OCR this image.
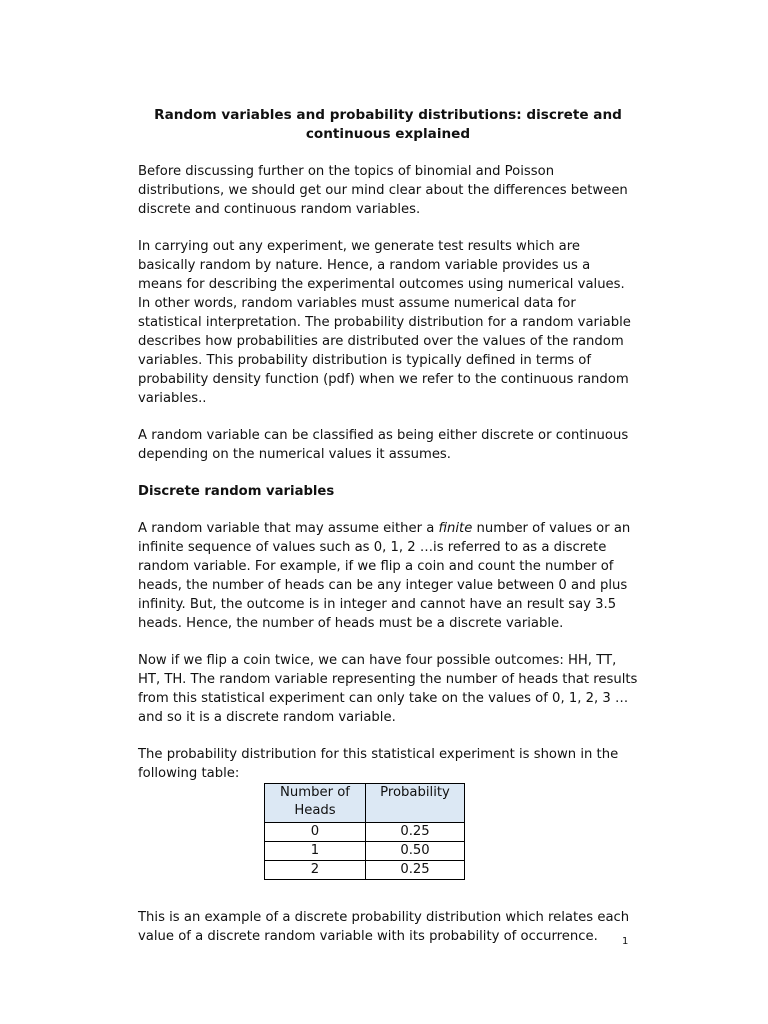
Random variables and probability distributions: discrete and continuous explained

Before discussing further on the topics of binomial and Poisson distributions, we should get our mind clear about the differences between discrete and continuous random variables.

In carrying out any experiment, we generate test results which are basically random by nature. Hence, a random variable provides us a means for describing the experimental outcomes using numerical values. In other words, random variables must assume numerical data for statistical interpretation. The probability distribution for a random variable describes how probabilities are distributed over the values of the random variables. This probability distribution is typically defined in terms of probability density function (pdf) when we refer to the continuous random variables..

A random variable can be classified as being either discrete or continuous depending on the numerical values it assumes.

Discrete random variables

A random variable that may assume either a finite number of values or an infinite sequence of values such as 0, 1, 2 …is referred to as a discrete random variable. For example, if we flip a coin and count the number of heads, the number of heads can be any integer value between 0 and plus infinity. But, the outcome is in integer and cannot have an result say 3.5 heads. Hence, the number of heads must be a discrete variable.

Now if we flip a coin twice, we can have four possible outcomes: HH, TT, HT, TH. The random variable representing the number of heads that results from this statistical experiment can only take on the values of 0, 1, 2, 3 …and so it is a discrete random variable.

The probability distribution for this statistical experiment is shown in the following table:

Number of Heads	Probability
0	0.25
1	0.50
2	0.25

This is an example of a discrete probability distribution which relates each value of a discrete random variable with its probability of occurrence.	1
